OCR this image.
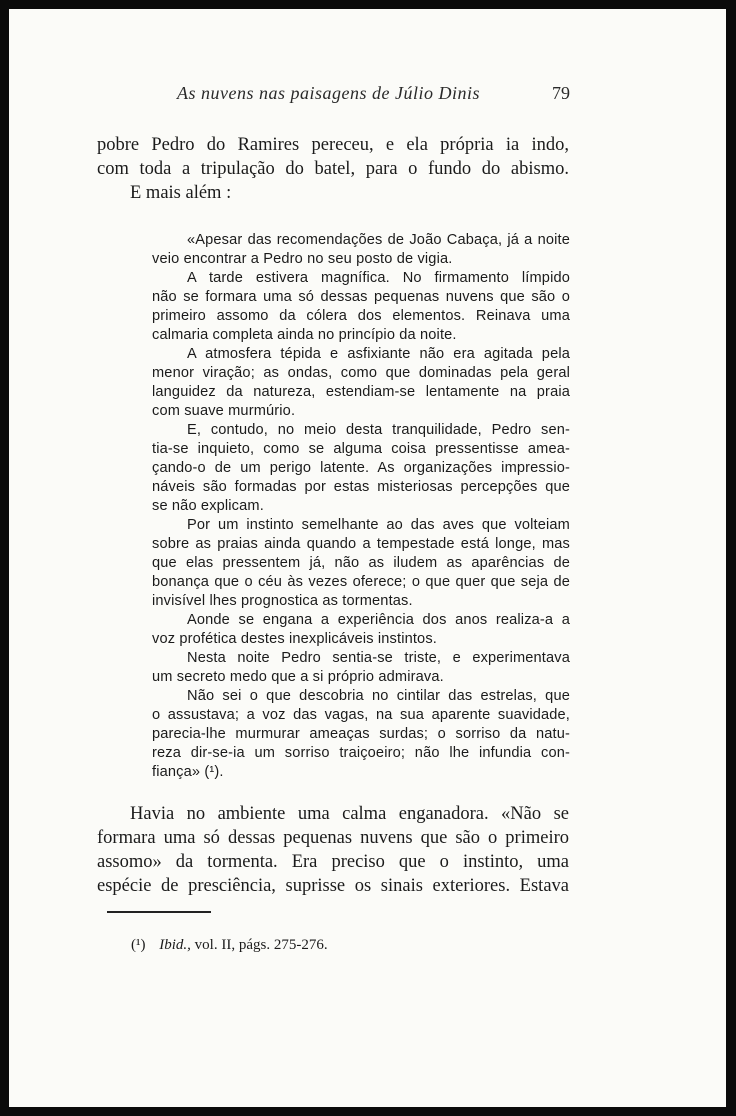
As nuvens nas paisagens de Júlio Dinis	79
pobre Pedro do Ramires pereceu, e ela própria ia indo,
com toda a tripulação do batel, para o fundo do abismo.
E mais além :
«Apesar das recomendações de João Cabaça, já a noite
veio encontrar a Pedro no seu posto de vigia.
A tarde estivera magnífica. No firmamento límpido
não se formara uma só dessas pequenas nuvens que são o
primeiro assomo da cólera dos elementos. Reinava uma
calmaria completa ainda no princípio da noite.
A atmosfera tépida e asfixiante não era agitada pela
menor viração; as ondas, como que dominadas pela geral
languidez da natureza, estendiam-se lentamente na praia
com suave murmúrio.
E, contudo, no meio desta tranquilidade, Pedro sen-
tia-se inquieto, como se alguma coisa pressentisse amea-
çando-o de um perigo latente. As organizações impressio-
náveis são formadas por estas misteriosas percepções que
se não explicam.
Por um instinto semelhante ao das aves que volteiam
sobre as praias ainda quando a tempestade está longe, mas
que elas pressentem já, não as iludem as aparências de
bonança que o céu às vezes oferece; o que quer que seja de
invisível lhes prognostica as tormentas.
Aonde se engana a experiência dos anos realiza-a a
voz profética destes inexplicáveis instintos.
Nesta noite Pedro sentia-se triste, e experimentava
um secreto medo que a si próprio admirava.
Não sei o que descobria no cintilar das estrelas, que
o assustava; a voz das vagas, na sua aparente suavidade,
parecia-lhe murmurar ameaças surdas; o sorriso da natu-
reza dir-se-ia um sorriso traiçoeiro; não lhe infundia con-
fiança» (¹).
Havia no ambiente uma calma enganadora. «Não se
formara uma só dessas pequenas nuvens que são o primeiro
assomo» da tormenta. Era preciso que o instinto, uma
espécie de presciência, suprisse os sinais exteriores. Estava
(¹) Ibid., vol. II, págs. 275-276.
